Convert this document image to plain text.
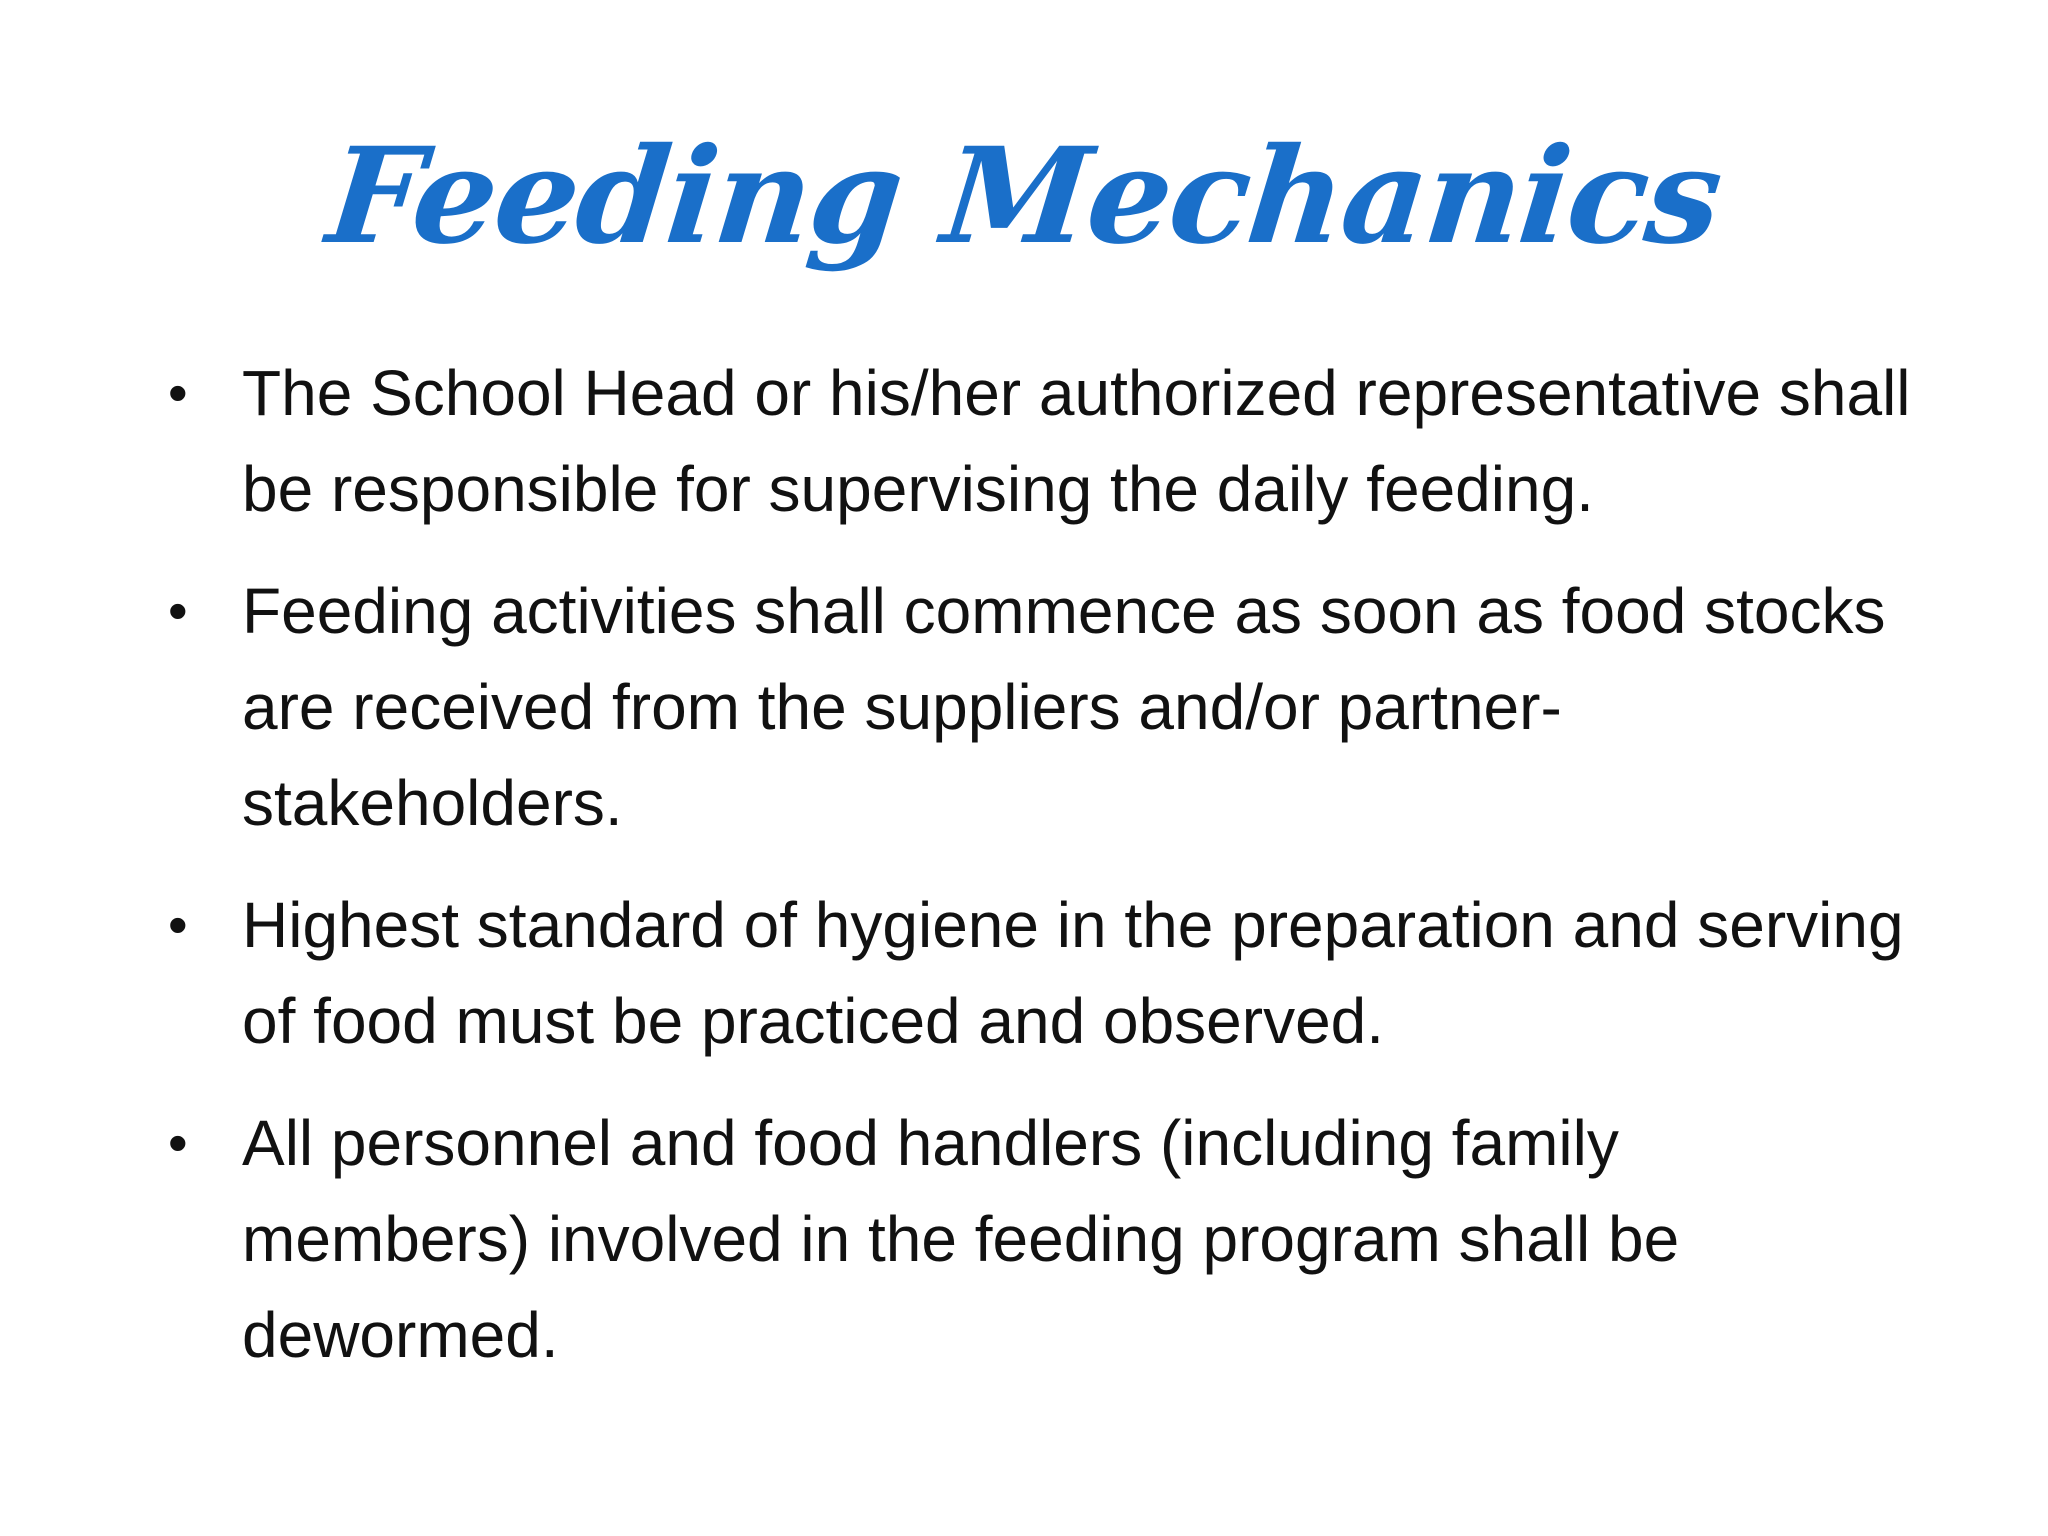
Feeding Mechanics
• The School Head or his/her authorized representative shall be responsible for supervising the daily feeding.
• Feeding activities shall commence as soon as food stocks are received from the suppliers and/or partner-stakeholders.
• Highest standard of hygiene in the preparation and serving of food must be practiced and observed.
• All personnel and food handlers (including family members) involved in the feeding program shall be dewormed.
